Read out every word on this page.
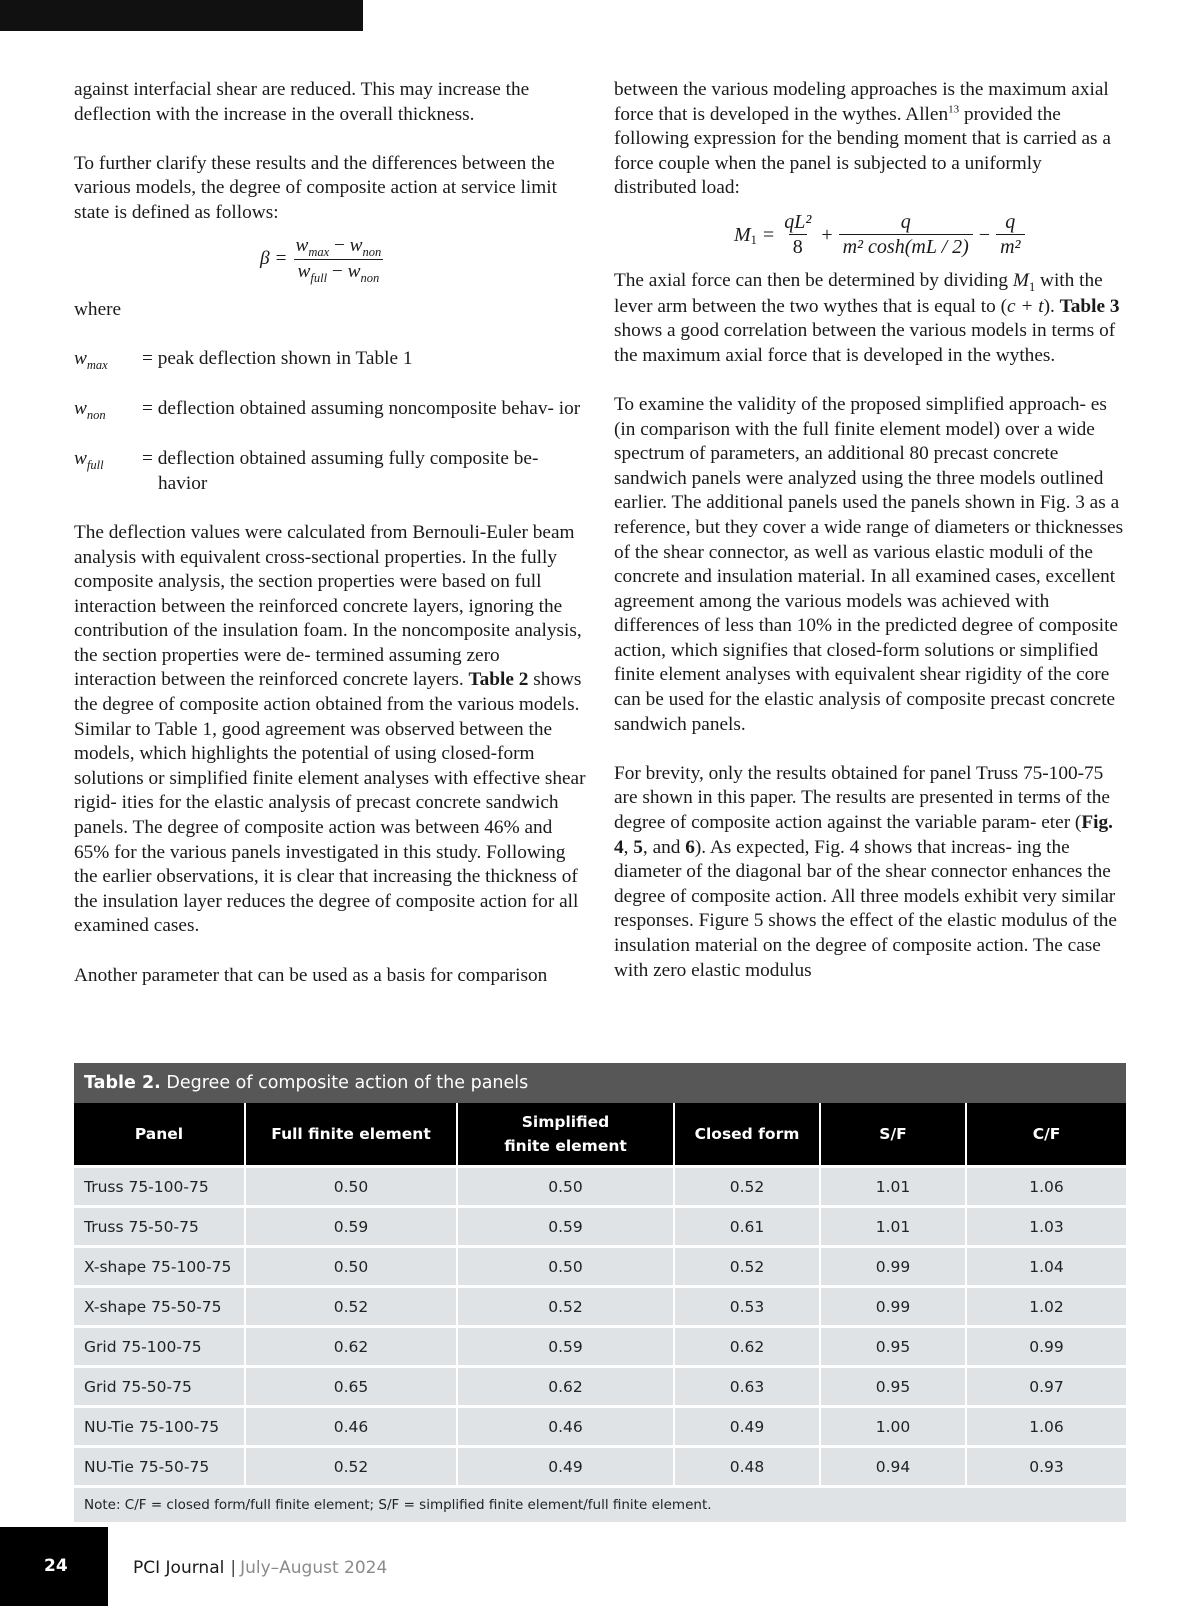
against interfacial shear are reduced. This may increase the deflection with the increase in the overall thickness.

To further clarify these results and the differences between the various models, the degree of composite action at service limit state is defined as follows:

$\beta = \frac{w_{max} - w_{non}}{w_{full} - w_{non}}$

where

$w_{max}$	= peak deflection shown in Table 1
$w_{non}$	= deflection obtained assuming noncomposite behav- ior
$w_{full}$	= deflection obtained assuming fully composite be- havior

The deflection values were calculated from Bernouli-Euler beam analysis with equivalent cross-sectional properties. In the fully composite analysis, the section properties were based on full interaction between the reinforced concrete layers, ignoring the contribution of the insulation foam. In the noncomposite analysis, the section properties were de- termined assuming zero interaction between the reinforced concrete layers. Table 2 shows the degree of composite action obtained from the various models. Similar to Table 1, good agreement was observed between the models, which highlights the potential of using closed-form solutions or simplified finite element analyses with effective shear rigid- ities for the elastic analysis of precast concrete sandwich panels. The degree of composite action was between 46% and 65% for the various panels investigated in this study. Following the earlier observations, it is clear that increasing the thickness of the insulation layer reduces the degree of composite action for all examined cases.

Another parameter that can be used as a basis for comparison

between the various modeling approaches is the maximum axial force that is developed in the wythes. Allen$^{13}$ provided the following expression for the bending moment that is carried as a force couple when the panel is subjected to a uniformly distributed load:

M $1 = \frac{\text{qL²}}{8} + \frac{q}{\text{m² cosh(mL / 2)}} - \frac{q}{\text{m²}}$

The axial force can then be determined by dividing $M_1$ with the lever arm between the two wythes that is equal to (c + t). Table 3 shows a good correlation between the various models in terms of the maximum axial force that is developed in the wythes.

To examine the validity of the proposed simplified approach- es (in comparison with the full finite element model) over a wide spectrum of parameters, an additional 80 precast concrete sandwich panels were analyzed using the three models outlined earlier. The additional panels used the panels shown in Fig. 3 as a reference, but they cover a wide range of diameters or thicknesses of the shear connector, as well as various elastic moduli of the concrete and insulation material. In all examined cases, excellent agreement among the various models was achieved with differences of less than 10% in the predicted degree of composite action, which signifies that closed-form solutions or simplified finite element analyses with equivalent shear rigidity of the core can be used for the elastic analysis of composite precast concrete sandwich panels.

For brevity, only the results obtained for panel Truss 75-100-75 are shown in this paper. The results are presented in terms of the degree of composite action against the variable param- eter (Fig. 4, 5, and 6). As expected, Fig. 4 shows that increas- ing the diameter of the diagonal bar of the shear connector enhances the degree of composite action. All three models exhibit very similar responses. Figure 5 shows the effect of the elastic modulus of the insulation material on the degree of composite action. The case with zero elastic modulus

Table 2. Degree of composite action of the panels
Panel	Full finite element	Simplified finite element	Closed form	S/F	C/F
Truss 75-100-75	0.50	0.50	0.52	1.01	1.06
Truss 75-50-75	0.59	0.59	0.61	1.01	1.03
X-shape 75-100-75	0.50	0.50	0.52	0.99	1.04
X-shape 75-50-75	0.52	0.52	0.53	0.99	1.02
Grid 75-100-75	0.62	0.59	0.62	0.95	0.99
Grid 75-50-75	0.65	0.62	0.63	0.95	0.97
NU-Tie 75-100-75	0.46	0.46	0.49	1.00	1.06
NU-Tie 75-50-75	0.52	0.49	0.48	0.94	0.93
Note: C/F = closed form/full finite element; S/F = simplified finite element/full finite element.
24	PCI Journal | July–August 2024
